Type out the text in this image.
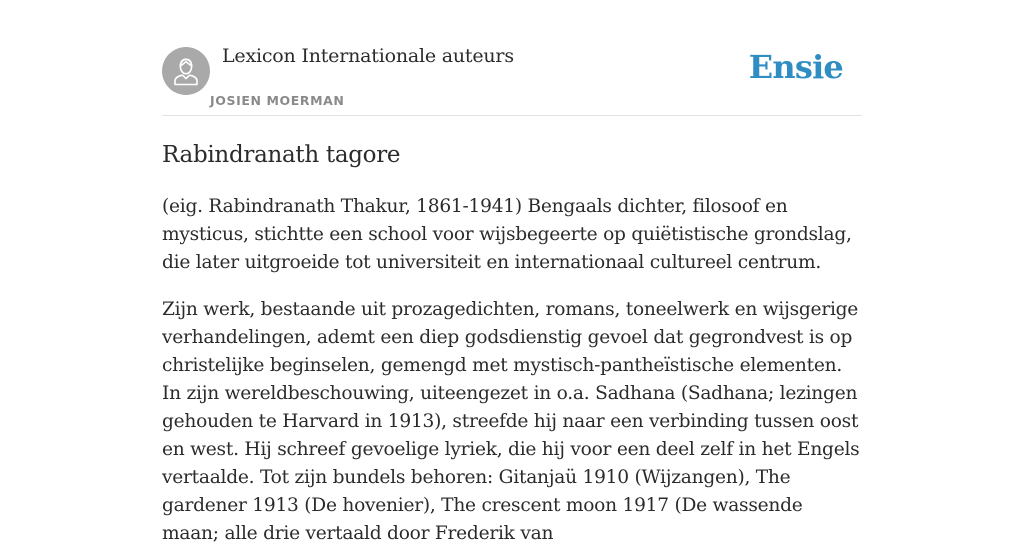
Lexicon Internationale auteurs
JOSIEN MOERMAN
Ensie
Rabindranath tagore

(eig. Rabindranath Thakur, 1861-1941) Bengaals dichter, filosoof en mysticus, stichtte een school voor wijsbegeerte op quiëtistische grondslag, die later uitgroeide tot universiteit en internationaal cultureel centrum.

Zijn werk, bestaande uit prozagedichten, romans, toneelwerk en wijsgerige verhandelingen, ademt een diep godsdienstig gevoel dat gegrondvest is op christelijke beginselen, gemengd met mystisch-pantheïstische elementen. In zijn wereldbeschouwing, uiteengezet in o.a. Sadhana (Sadhana; lezingen gehouden te Harvard in 1913), streefde hij naar een verbinding tussen oost en west. Hij schreef gevoelige lyriek, die hij voor een deel zelf in het Engels vertaalde. Tot zijn bundels behoren: Gitanjaü 1910 (Wijzangen), The gardener 1913 (De hovenier), The crescent moon 1917 (De wassende maan; alle drie vertaald door Frederik van
